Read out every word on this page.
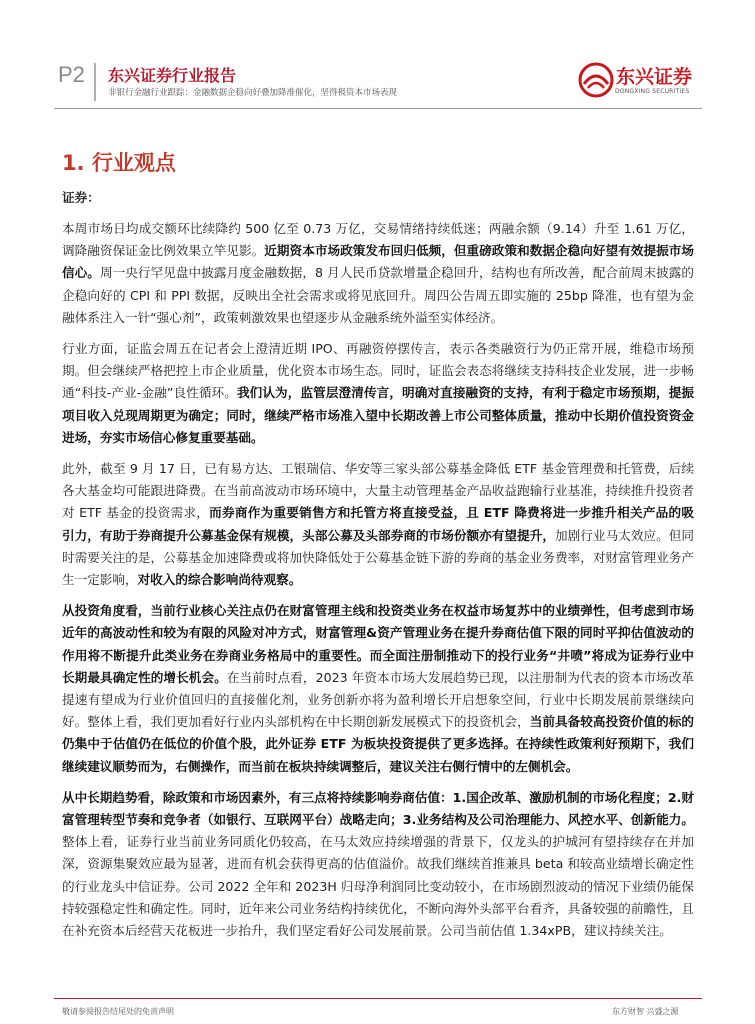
P2 东兴证券行业报告
非银行金融行业跟踪：金融数据企稳向好叠加降准催化，坚得极资本市场表现
东兴证券
DONGXING SECURITIES
1. 行业观点
证券：

本周市场日均成交额环比续降约 500 亿至 0.73 万亿，交易情绪持续低迷；两融余额（9.14）升至 1.61 万亿，调降融资保证金比例效果立竿见影。近期资本市场政策发布回归低频，但重磅政策和数据企稳向好望有效提振市场信心。周一央行罕见盘中披露月度金融数据，8 月人民币贷款增量企稳回升，结构也有所改善，配合前周末披露的企稳向好的 CPI 和 PPI 数据，反映出全社会需求或将见底回升。周四公告周五即实施的 25bp 降准，也有望为金融体系注入一针“强心剂”，政策刺激效果也望逐步从金融系统外溢至实体经济。

行业方面，证监会周五在记者会上澄清近期 IPO、再融资停摆传言，表示各类融资行为仍正常开展，维稳市场预期。但会继续严格把控上市企业质量，优化资本市场生态。同时，证监会表态将继续支持科技企业发展，进一步畅通“科技-产业-金融”良性循环。我们认为，监管层澄清传言，明确对直接融资的支持，有利于稳定市场预期，提振项目收入兑现周期更为确定；同时，继续严格市场准入望中长期改善上市公司整体质量，推动中长期价值投资资金进场，夯实市场信心修复重要基础。

此外，截至 9 月 17 日，已有易方达、工银瑞信、华安等三家头部公募基金降低 ETF 基金管理费和托管费，后续各大基金均可能跟进降费。在当前高波动市场环境中，大量主动管理基金产品收益跑输行业基准，持续推升投资者对 ETF 基金的投资需求，而券商作为重要销售方和托管方将直接受益，且 ETF 降费将进一步推升相关产品的吸引力，有助于券商提升公募基金保有规模，头部公募及头部券商的市场份额亦有望提升，加剧行业马太效应。但同时需要关注的是，公募基金加速降费或将加快降低处于公募基金链下游的券商的基金业务费率，对财富管理业务产生一定影响，对收入的综合影响尚待观察。

从投资角度看，当前行业核心关注点仍在财富管理主线和投资类业务在权益市场复苏中的业绩弹性，但考虑到市场近年的高波动性和较为有限的风险对冲方式，财富管理&资产管理业务在提升券商估值下限的同时平抑估值波动的作用将不断提升此类业务在券商业务格局中的重要性。而全面注册制推动下的投行业务“井喷”将成为证券行业中长期最具确定性的增长机会。在当前时点看，2023 年资本市场大发展趋势已现，以注册制为代表的资本市场改革提速有望成为行业价值回归的直接催化剂，业务创新亦将为盈利增长开启想象空间，行业中长期发展前景继续向好。整体上看，我们更加看好行业内头部机构在中长期创新发展模式下的投资机会，当前具备较高投资价值的标的仍集中于估值仍在低位的价值个股，此外证券 ETF 为板块投资提供了更多选择。在持续性政策利好预期下，我们继续建议顺势而为，右侧操作，而当前在板块持续调整后，建议关注右侧行情中的左侧机会。

从中长期趋势看，除政策和市场因素外，有三点将持续影响券商估值：1.国企改革、激励机制的市场化程度；2.财富管理转型节奏和竞争者（如银行、互联网平台）战略走向；3.业务结构及公司治理能力、风控水平、创新能力。整体上看，证券行业当前业务同质化仍较高，在马太效应持续增强的背景下，仅龙头的护城河有望持续存在并加深，资源集聚效应最为显著，进而有机会获得更高的估值溢价。故我们继续首推兼具 beta 和较高业绩增长确定性的行业龙头中信证券。公司 2022 全年和 2023H 归母净利润同比变动较小，在市场剧烈波动的情况下业绩仍能保持较强稳定性和确定性。同时，近年来公司业务结构持续优化，不断向海外头部平台看齐，具备较强的前瞻性，且在补充资本后经营天花板进一步抬升，我们坚定看好公司发展前景。公司当前估值 1.34xPB，建议持续关注。

敬请参阅报告结尾处的免责声明	东方财智 兴盛之源
